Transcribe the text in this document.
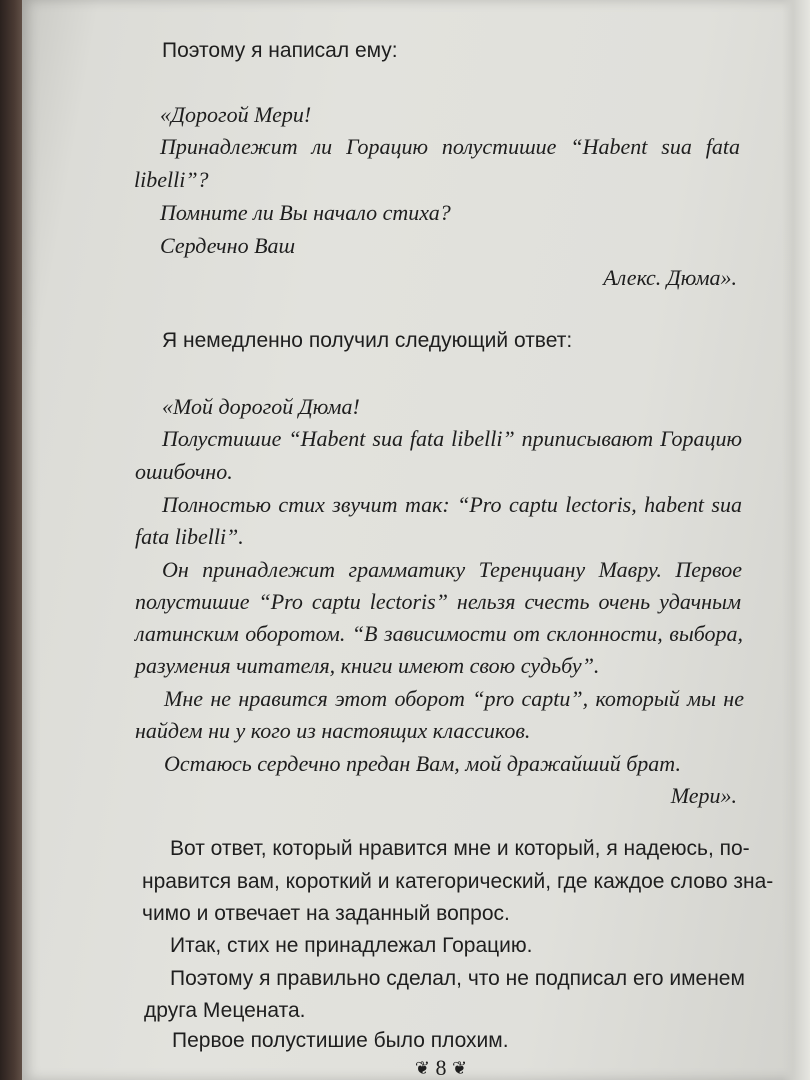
Поэтому я написал ему:

«Дорогой Мери!

Принадлежит ли Горацию полустишие “Habent sua fata

libelli”?

Помните ли Вы начало стиха?

Сердечно Ваш

Алекс. Дюма».

Я немедленно получил следующий ответ:

«Мой дорогой Дюма!

Полустишие “Habent sua fata libelli” приписывают Горацию

ошибочно.

Полностью стих звучит так: “Pro captu lectoris, habent sua

fata libelli”.

Он принадлежит грамматику Теренциану Мавру. Первое

полустишие “Pro captu lectoris” нельзя счесть очень удачным

латинским оборотом. “В зависимости от склонности, выбора,

разумения читателя, книги имеют свою судьбу”.

Мне не нравится этот оборот “pro captu”, который мы не

найдем ни у кого из настоящих классиков.

Остаюсь сердечно предан Вам, мой дражайший брат.

Мери».

Вот ответ, который нравится мне и который, я надеюсь, по-

нравится вам, короткий и категорический, где каждое слово зна-

чимо и отвечает на заданный вопрос.

Итак, стих не принадлежал Горацию.

Поэтому я правильно сделал, что не подписал его именем

друга Мецената.

Первое полустишие было плохим.

❦ 8 ❦
